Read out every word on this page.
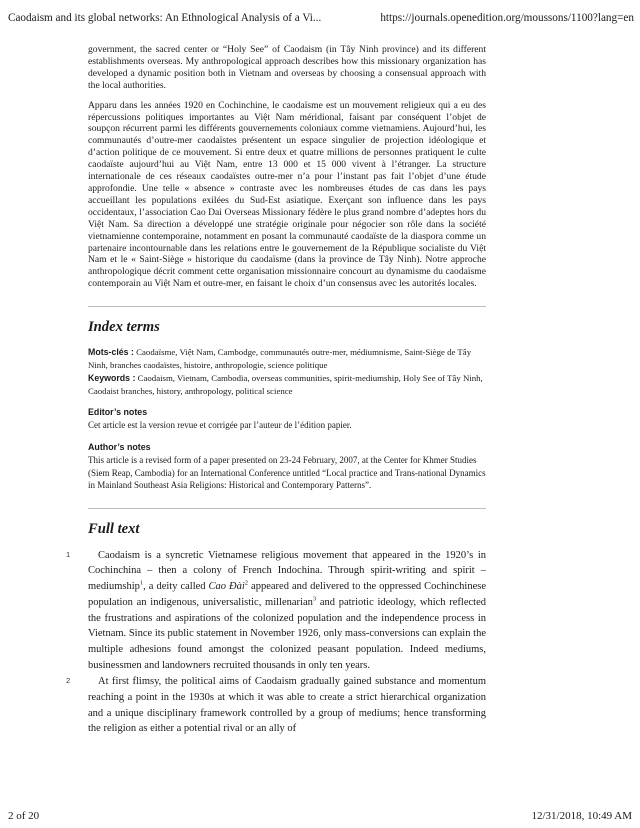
Caodaism and its global networks: An Ethnological Analysis of a Vi...	https://journals.openedition.org/moussons/1100?lang=en

government, the sacred center or “Holy See” of Caodaism (in Tây Ninh province) and its different establishments overseas. My anthropological approach describes how this missionary organization has developed a dynamic position both in Vietnam and overseas by choosing a consensual approach with the local authorities.

Apparu dans les années 1920 en Cochinchine, le caodaïsme est un mouvement religieux qui a eu des répercussions politiques importantes au Việt Nam méridional, faisant par conséquent l’objet de soupçon récurrent parmi les différents gouvernements coloniaux comme vietnamiens. Aujourd’hui, les communautés d’outre-mer caodaïstes présentent un espace singulier de projection idéologique et d’action politique de ce mouvement. Si entre deux et quatre millions de personnes pratiquent le culte caodaïste aujourd’hui au Việt Nam, entre 13 000 et 15 000 vivent à l’étranger. La structure internationale de ces réseaux caodaïstes outre-mer n’a pour l’instant pas fait l’objet d’une étude approfondie. Une telle « absence » contraste avec les nombreuses études de cas dans les pays accueillant les populations exilées du Sud-Est asiatique. Exerçant son influence dans les pays occidentaux, l’association Cao Dai Overseas Missionary fédère le plus grand nombre d’adeptes hors du Việt Nam. Sa direction a développé une stratégie originale pour négocier son rôle dans la société vietnamienne contemporaine, notamment en posant la communauté caodaïste de la diaspora comme un partenaire incontournable dans les relations entre le gouvernement de la République socialiste du Việt Nam et le « Saint-Siège » historique du caodaïsme (dans la province de Tây Ninh). Notre approche anthropologique décrit comment cette organisation missionnaire concourt au dynamisme du caodaïsme contemporain au Việt Nam et outre-mer, en faisant le choix d’un consensus avec les autorités locales.

Index terms
Mots-clés : Caodaïsme, Việt Nam, Cambodge, communautés outre-mer, médiumnisme, Saint-Siège de Tây Ninh, branches caodaïstes, histoire, anthropologie, science politique
Keywords : Caodaism, Vietnam, Cambodia, overseas communities, spirit-mediumship, Holy See of Tây Ninh, Caodaist branches, history, anthropology, political science
Editor’s notes

Cet article est la version revue et corrigée par l’auteur de l’édition papier.

Author’s notes

This article is a revised form of a paper presented on 23-24 February, 2007, at the Center for Khmer Studies (Siem Reap, Cambodia) for an International Conference untitled “Local practice and Trans-national Dynamics in Mainland Southeast Asia Religions: Historical and Contemporary Patterns”.

Full text
1	Caodaism is a syncretic Vietnamese religious movement that appeared in the 1920’s in Cochinchina – then a colony of French Indochina. Through spirit-writing and spirit –mediumship$^1$, a deity called Cao Đài$^2$ appeared and delivered to the oppressed Cochinchinese population an indigenous, universalistic, millenarian$^3$ and patriotic ideology, which reflected the frustrations and aspirations of the colonized population and the independence process in Vietnam. Since its public statement in November 1926, only mass-conversions can explain the multiple adhesions found amongst the colonized peasant population. Indeed mediums, businessmen and landowners recruited thousands in only ten years.

2	At first flimsy, the political aims of Caodaism gradually gained substance and momentum reaching a point in the 1930s at which it was able to create a strict hierarchical organization and a unique disciplinary framework controlled by a group of mediums; hence transforming the religion as either a potential rival or an ally of

2 of 20	12/31/2018, 10:49 AM
